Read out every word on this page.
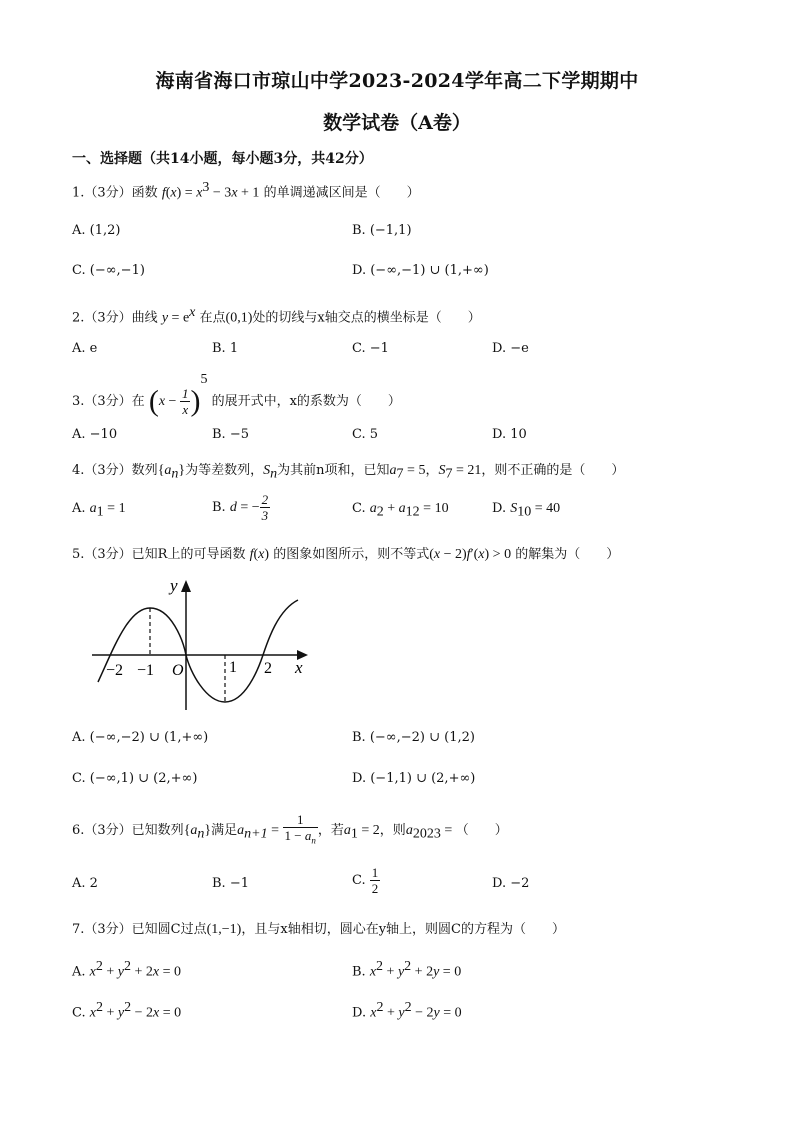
海南省海口市琼山中学2023-2024学年高二下学期期中
数学试卷（A卷）
一、选择题（共14小题，每小题3分，共42分）
1.（3分）函数 $f(x) = x^3 - 3x + 1$ 的单调递减区间是（　　）
A. (1,2)	B. (−1,1)
C. (−∞,−1)	D. (−∞,−1) ∪ (1,+∞)
2.（3分）曲线 $y = e^x$ 在点(0,1)处的切线与x轴交点的横坐标是（　　）
A. e	B. 1	C. −1	D. −e
3.（3分）在 $(x - \frac{1}{x} )^5$ 的展开式中，x的系数为（　　）
A. −10	B. −5	C. 5	D. 10
4.（3分）数列$\{a_n\}$为等差数列，$S_n$为其前n项和，已知$a_7 = 5$，$S_7 = 21$，则不正确的是（　　）
A. $a_1 = 1$	B. d = − $\frac{2}{3}$	C. $a_2 + a_{12} = 10$	D. $S_{10} = 40$
5.（3分）已知R上的可导函数 f(x) 的图象如图所示，则不等式(x − 2)f′(x) > 0 的解集为（　　）
y
x
O
−2 −1	1 2
A. (−∞,−2) ∪ (1,+∞)	B. (−∞,−2) ∪ (1,2)
C. (−∞,1) ∪ (2,+∞)	D. (−1,1) ∪ (2,+∞)
6.（3分）已知数列$\{a_n\}$满足$a_{n+1} = \frac{1}{1 - a_n}$ ，若$a_1 = 2$，则$a_{2023}$ = （　　）
A. 2	B. −1	C. $\frac{1}{2}$	D. −2
7.（3分）已知圆C过点(1,−1)，且与x轴相切，圆心在y轴上，则圆C的方程为（　　）
A. $x^2 + y^2 + 2x = 0$	B. $x^2 + y^2 + 2y = 0$
C. $x^2 + y^2 - 2x = 0$	D. $x^2 + y^2 - 2y = 0$
